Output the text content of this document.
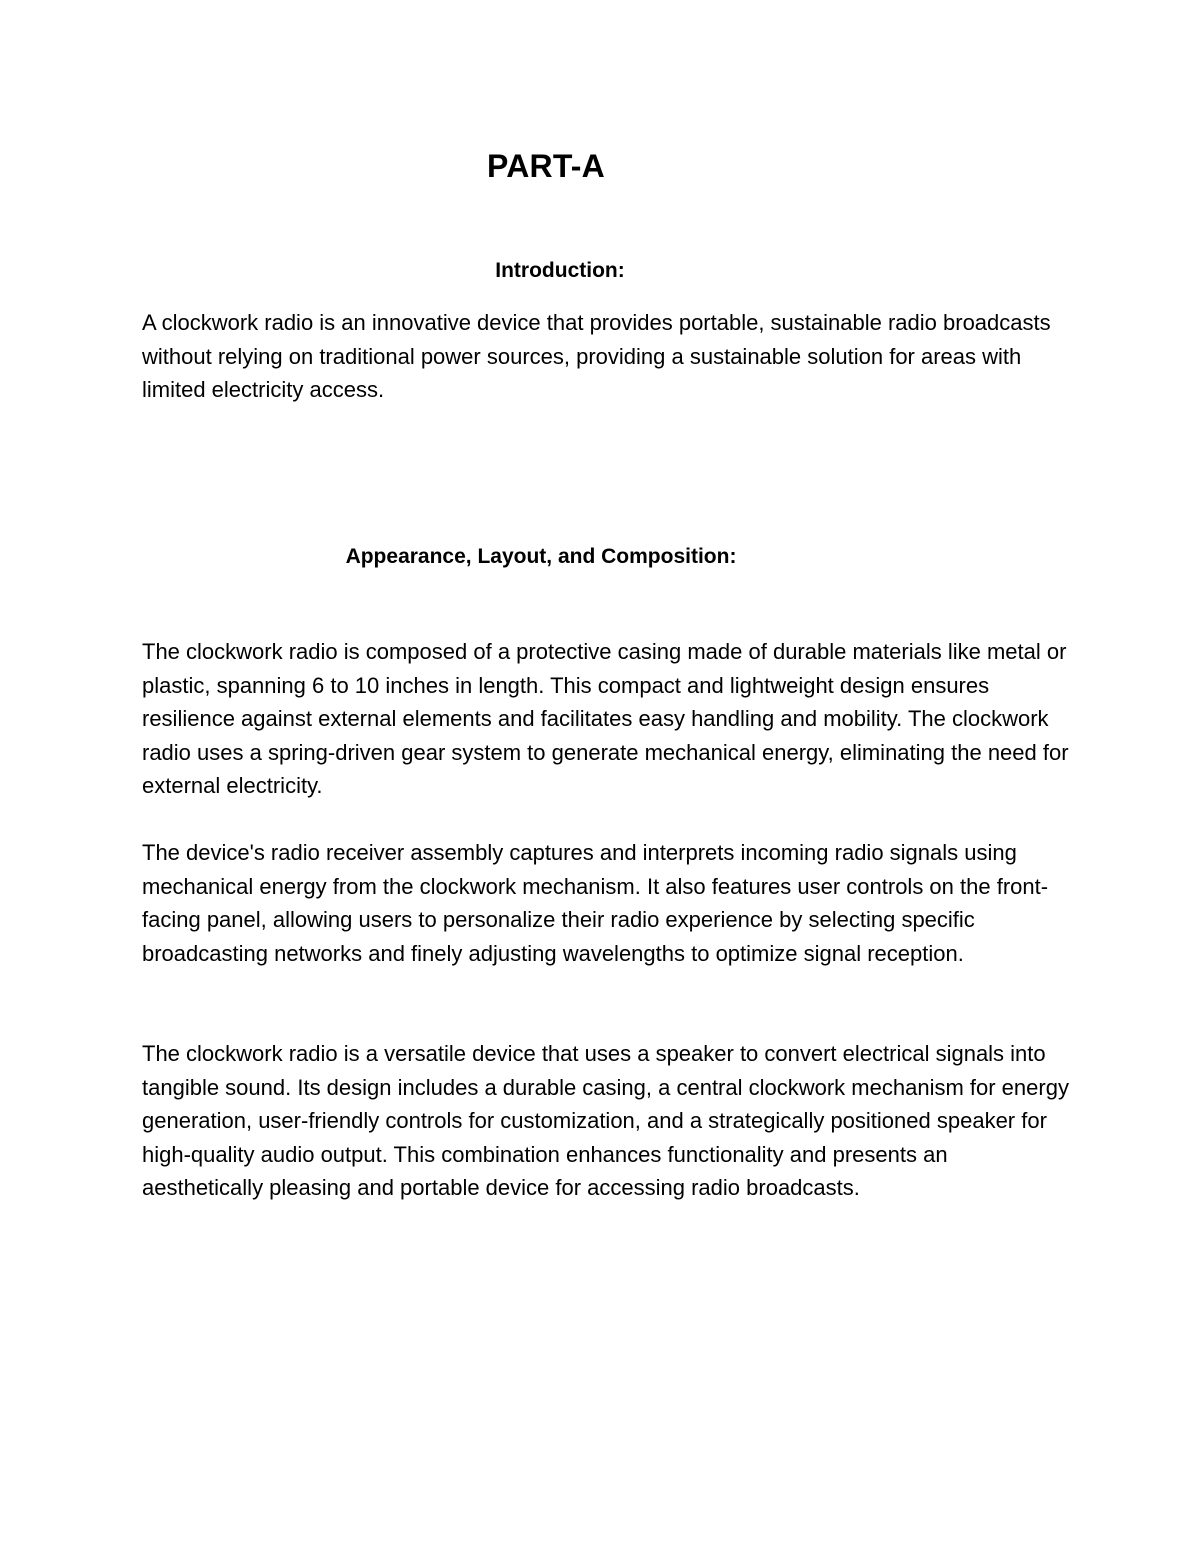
PART-A
Introduction:

A clockwork radio is an innovative device that provides portable, sustainable radio broadcasts without relying on traditional power sources, providing a sustainable solution for areas with limited electricity access.

Appearance, Layout, and Composition:

The clockwork radio is composed of a protective casing made of durable materials like metal or plastic, spanning 6 to 10 inches in length. This compact and lightweight design ensures resilience against external elements and facilitates easy handling and mobility. The clockwork radio uses a spring-driven gear system to generate mechanical energy, eliminating the need for external electricity.

The device's radio receiver assembly captures and interprets incoming radio signals using mechanical energy from the clockwork mechanism. It also features user controls on the front-facing panel, allowing users to personalize their radio experience by selecting specific broadcasting networks and finely adjusting wavelengths to optimize signal reception.

The clockwork radio is a versatile device that uses a speaker to convert electrical signals into tangible sound. Its design includes a durable casing, a central clockwork mechanism for energy generation, user-friendly controls for customization, and a strategically positioned speaker for high-quality audio output. This combination enhances functionality and presents an aesthetically pleasing and portable device for accessing radio broadcasts.
